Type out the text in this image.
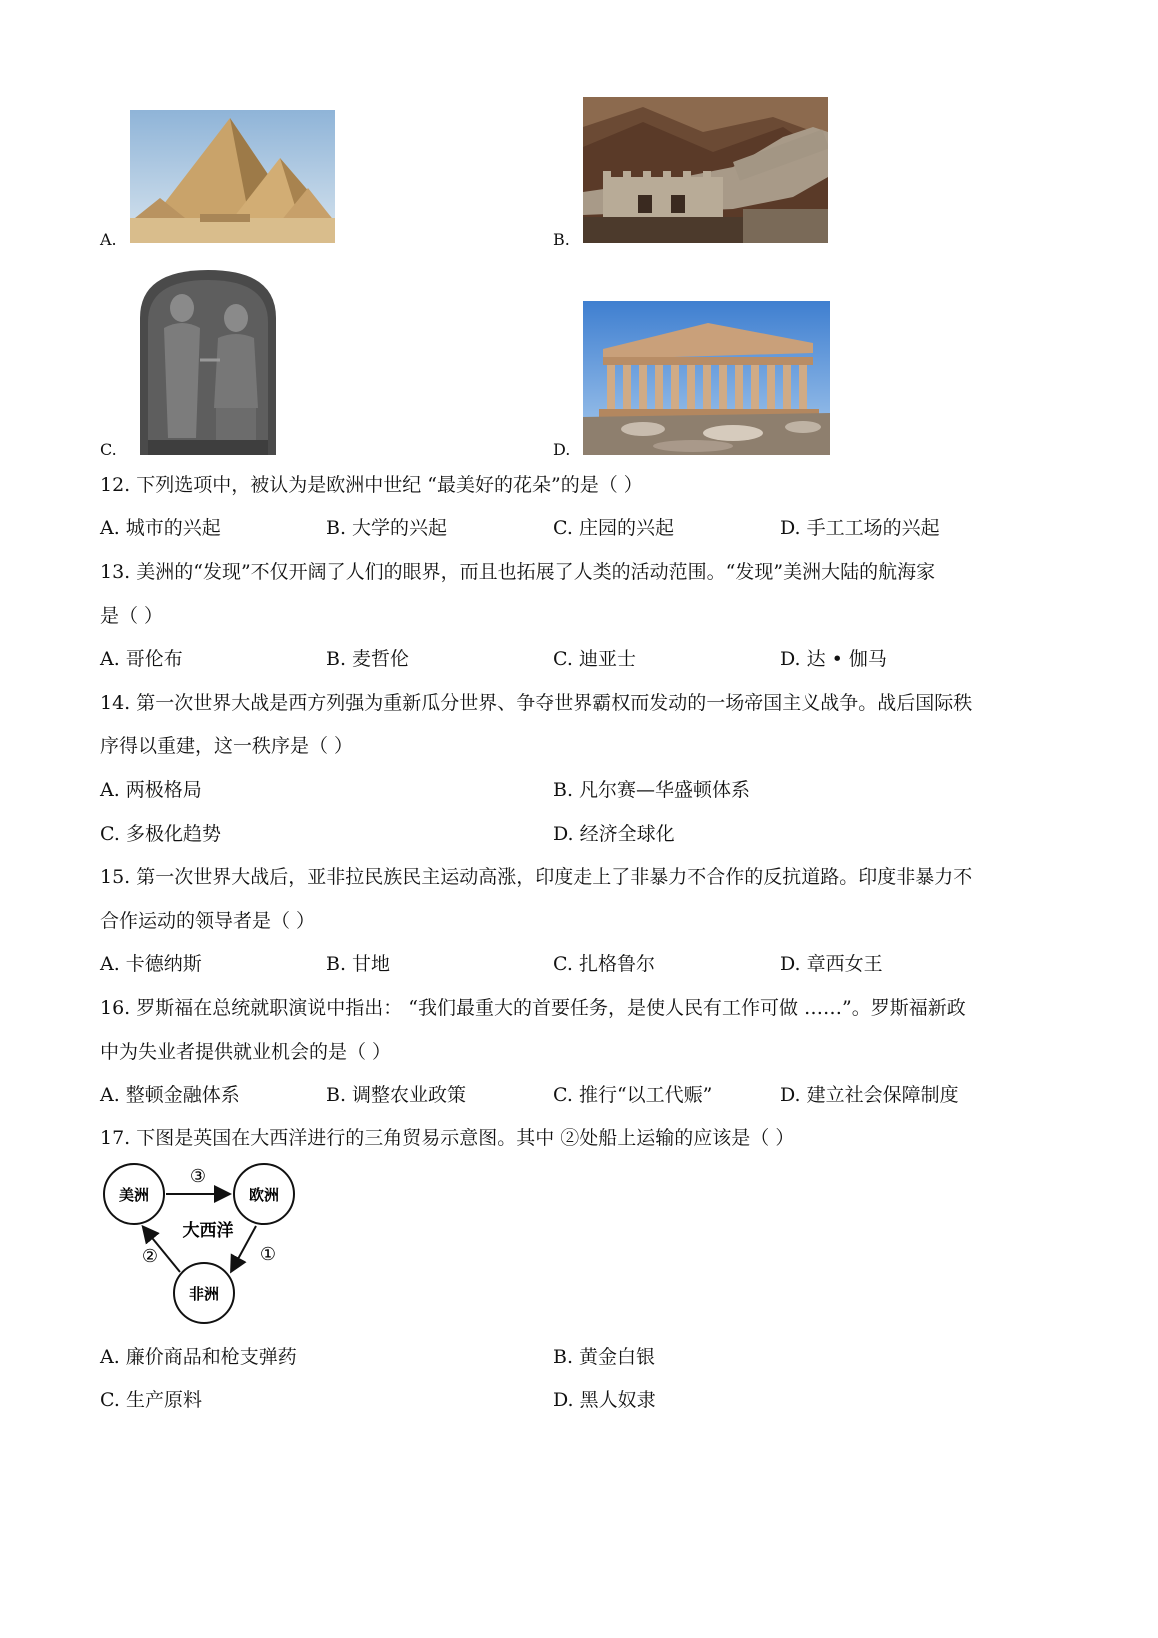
A.	B.
C.	D.
12. 下列选项中，被认为是欧洲中世纪 “最美好的花朵”的是（ ）
A. 城市的兴起	B. 大学的兴起	C. 庄园的兴起	D. 手工工场的兴起
13. 美洲的“发现”不仅开阔了人们的眼界，而且也拓展了人类的活动范围。“发现”美洲大陆的航海家
是（ ）
A. 哥伦布	B. 麦哲伦	C. 迪亚士	D. 达 • 伽马
14. 第一次世界大战是西方列强为重新瓜分世界、争夺世界霸权而发动的一场帝国主义战争。战后国际秩
序得以重建，这一秩序是（ ）
A. 两极格局	B. 凡尔赛—华盛顿体系
C. 多极化趋势	D. 经济全球化
15. 第一次世界大战后，亚非拉民族民主运动高涨，印度走上了非暴力不合作的反抗道路。印度非暴力不
合作运动的领导者是（ ）
A. 卡德纳斯	B. 甘地	C. 扎格鲁尔	D. 章西女王
16. 罗斯福在总统就职演说中指出： “我们最重大的首要任务，是使人民有工作可做 ……”。罗斯福新政
中为失业者提供就业机会的是（ ）
A. 整顿金融体系	B. 调整农业政策	C. 推行“以工代赈”	D. 建立社会保障制度
17. 下图是英国在大西洋进行的三角贸易示意图。其中 ②处船上运输的应该是（ ）
美洲	欧洲
非洲
大西洋
③
①
②
A. 廉价商品和枪支弹药	B. 黄金白银
C. 生产原料	D. 黑人奴隶
